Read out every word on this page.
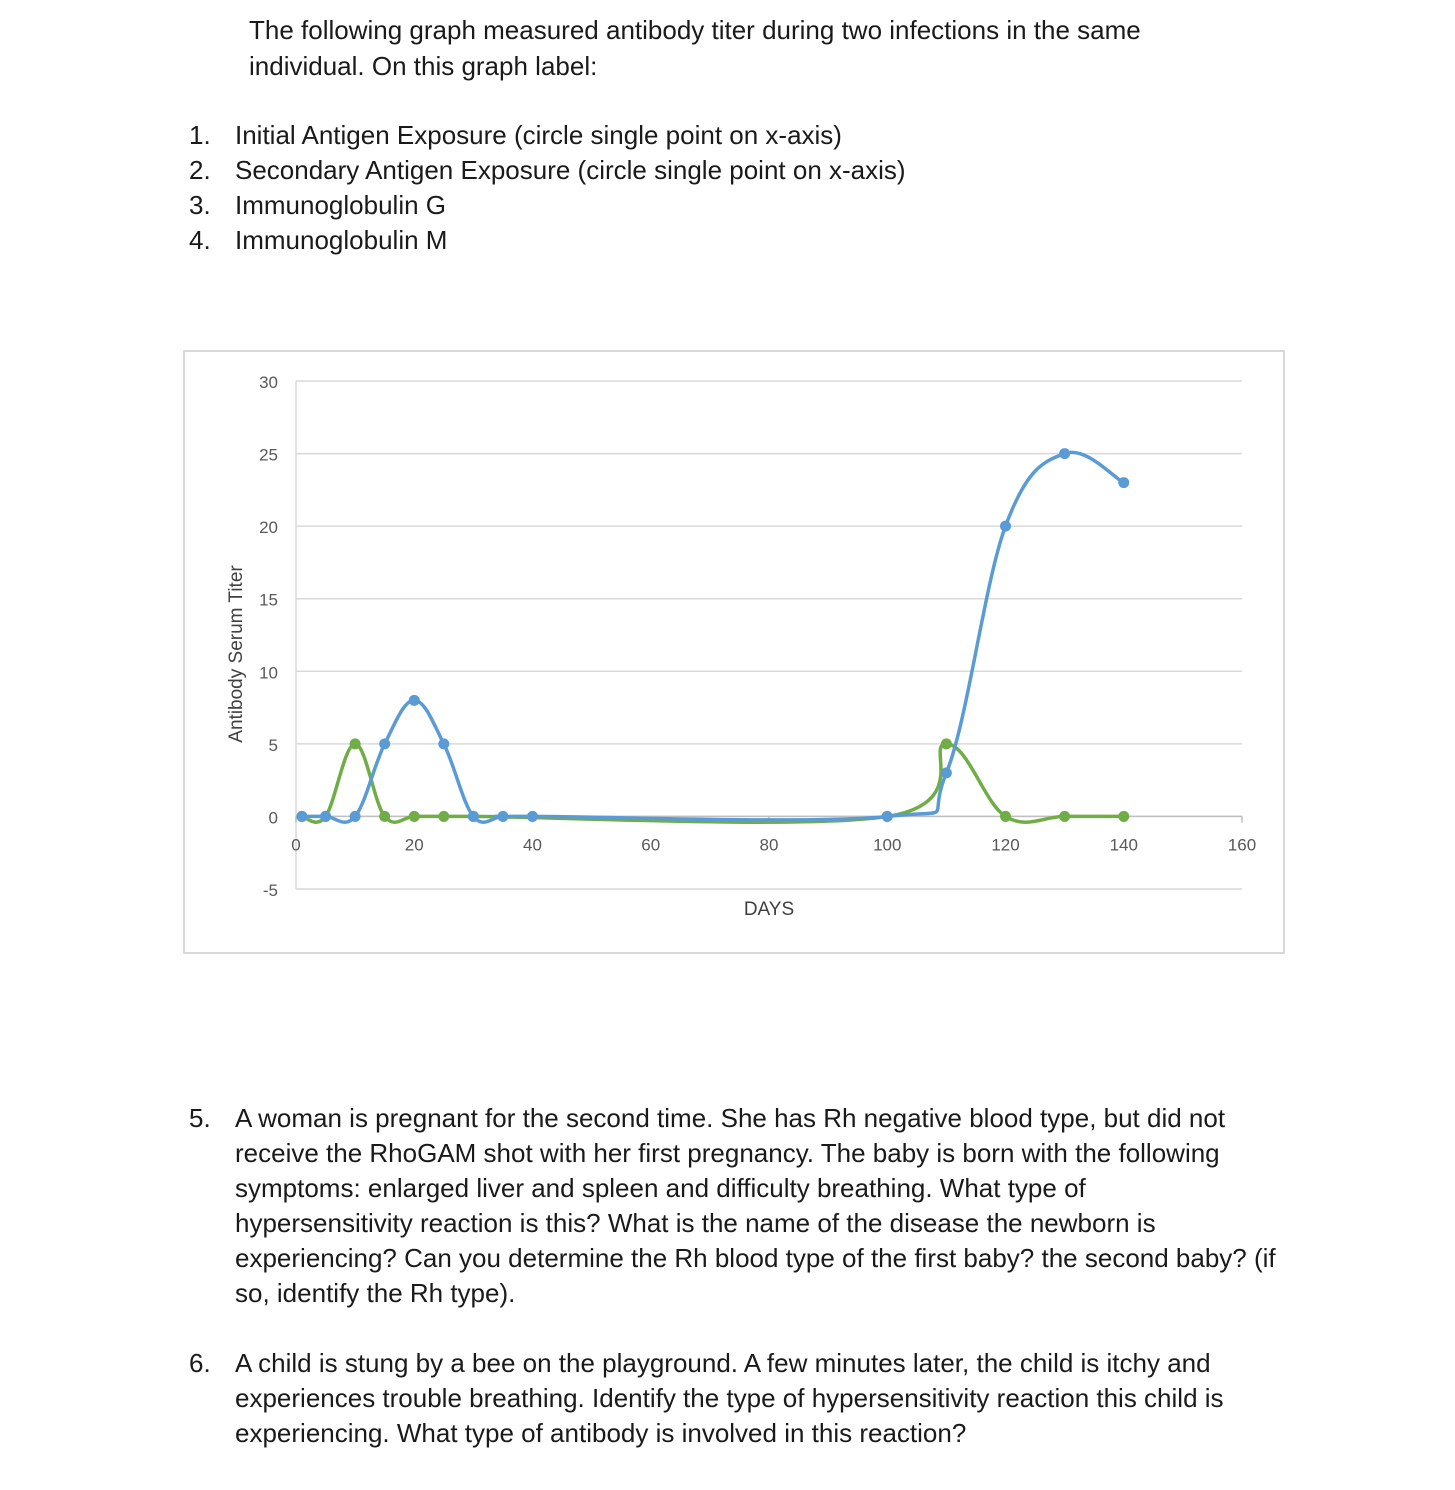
The following graph measured antibody titer during two infections in the same
individual. On this graph label:
1. Initial Antigen Exposure (circle single point on x-axis)
2. Secondary Antigen Exposure (circle single point on x-axis)
3. Immunoglobulin G
4. Immunoglobulin M
30
25
20
15
10
5
0
-5
0	20	40	60	80	100	120	140	160
DAYS
Antibody Serum Titer
5. A woman is pregnant for the second time. She has Rh negative blood type, but did not
receive the RhoGAM shot with her first pregnancy. The baby is born with the following
symptoms: enlarged liver and spleen and difficulty breathing. What type of
hypersensitivity reaction is this? What is the name of the disease the newborn is
experiencing? Can you determine the Rh blood type of the first baby? the second baby? (if
so, identify the Rh type).
6. A child is stung by a bee on the playground. A few minutes later, the child is itchy and
experiences trouble breathing. Identify the type of hypersensitivity reaction this child is
experiencing. What type of antibody is involved in this reaction?
